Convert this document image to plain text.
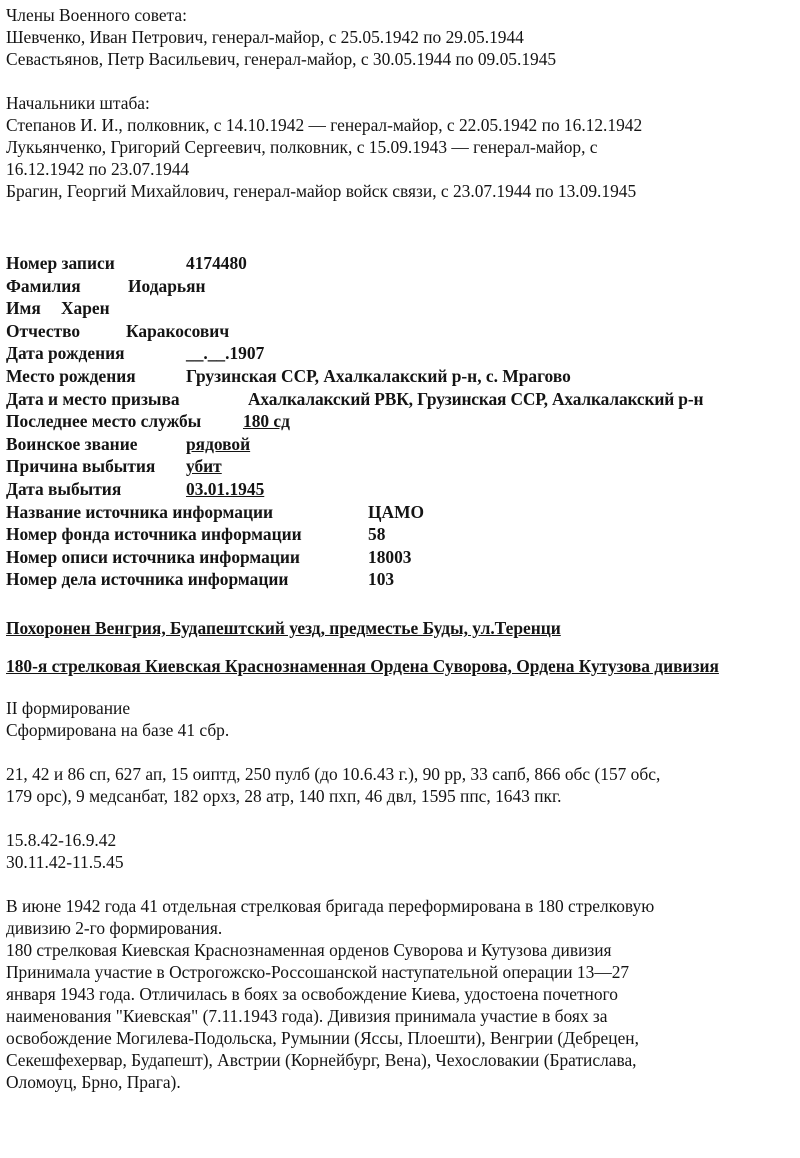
Члены Военного совета:
Шевченко, Иван Петрович, генерал-майор, с 25.05.1942 по 29.05.1944
Севастьянов, Петр Васильевич, генерал-майор, с 30.05.1944 по 09.05.1945
Начальники штаба:
Степанов И. И., полковник, с 14.10.1942 — генерал-майор, с 22.05.1942 по 16.12.1942
Лукьянченко, Григорий Сергеевич, полковник, с 15.09.1943 — генерал-майор, с
16.12.1942 по 23.07.1944
Брагин, Георгий Михайлович, генерал-майор войск связи, с 23.07.1944 по 13.09.1945
Номер записи	4174480
Фамилия	Иодарьян
Имя Харен
Отчество	Каракосович
Дата рождения	__.__.1907
Место рождения	Грузинская ССР, Ахалкалакский р-н, с. Мрагово
Дата и место призыва	Ахалкалакский РВК, Грузинская ССР, Ахалкалакский р-н
Последнее место службы 180 сд
Воинское звание	рядовой
Причина выбытия убит
Дата выбытия	03.01.1945
Название источника информации	ЦАМО
Номер фонда источника информации	58
Номер описи источника информации	18003
Номер дела источника информации	103
Похоронен Венгрия, Будапештский уезд, предместье Буды, ул.Теренци
180-я стрелковая Киевская Краснознаменная Ордена Суворова, Ордена Кутузова дивизия
II формирование
Сформирована на базе 41 сбр.
21, 42 и 86 сп, 627 ап, 15 оиптд, 250 пулб (до 10.6.43 г.), 90 рр, 33 сапб, 866 обс (157 обс,
179 орс), 9 медсанбат, 182 орхз, 28 атр, 140 пхп, 46 двл, 1595 ппс, 1643 пкг.
15.8.42-16.9.42
30.11.42-11.5.45
В июне 1942 года 41 отдельная стрелковая бригада переформирована в 180 стрелковую
дивизию 2-го формирования.
180 стрелковая Киевская Краснознаменная орденов Суворова и Кутузова дивизия
Принимала участие в Острогожско-Россошанской наступательной операции 13—27
января 1943 года. Отличилась в боях за освобождение Киева, удостоена почетного
наименования "Киевская" (7.11.1943 года). Дивизия принимала участие в боях за
освобождение Могилева-Подольска, Румынии (Яссы, Плоешти), Венгрии (Дебрецен,
Секешфехервар, Будапешт), Австрии (Корнейбург, Вена), Чехословакии (Братислава,
Оломоуц, Брно, Прага).
